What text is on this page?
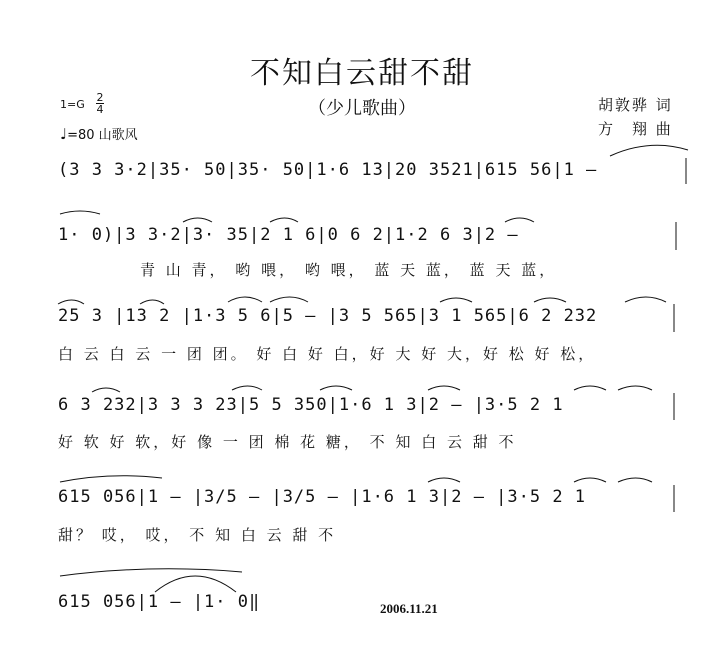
不知白云甜不甜
（少儿歌曲）	胡敦骅 词
方　翔 曲
1=G
2
4
♩=80 山歌风
(3 3 3·2|35· 50|35· 50|1·6 13|20 3521|615 56|1 –
1· 0)|3 3·2|3· 35|2 1 6|0 6 2|1·2 6 3|2 –
青 山 青， 哟 喂， 哟 喂， 蓝 天 蓝， 蓝 天 蓝，
25 3 |13 2 |1·3 5 6|5 – |3 5 565|3 1 565|6 2 232
白 云 白 云 一 团 团。 好 白 好 白，好 大 好 大，好 松 好 松，
6 3 232|3 3 3 23|5 5 350|1·6 1 3|2 – |3·5 2 1
好 软 好 软，好 像 一 团 棉 花 糖， 不 知 白 云 甜 不
615 056|1 – |3/5 – |3/5 – |1·6 1 3|2 – |3·5 2 1
甜？ 哎， 哎， 不 知 白 云 甜 不
615 056|1 – |1· 0‖	2006.11.21
